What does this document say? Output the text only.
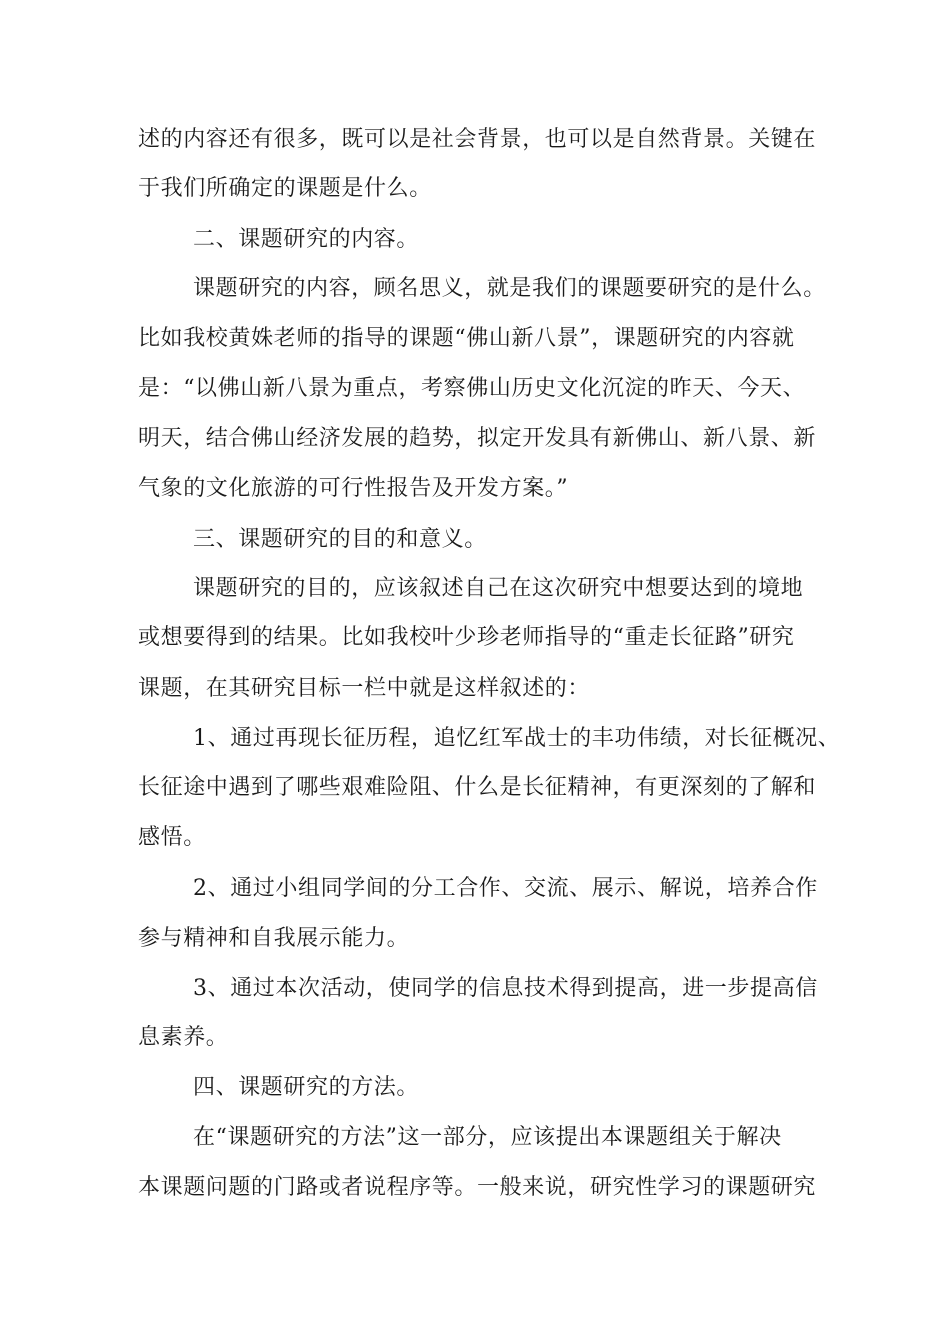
述的内容还有很多，既可以是社会背景，也可以是自然背景。关键在
于我们所确定的课题是什么。
二、课题研究的内容。
课题研究的内容，顾名思义，就是我们的课题要研究的是什么。
比如我校黄姝老师的指导的课题“佛山新八景”，课题研究的内容就
是：“以佛山新八景为重点，考察佛山历史文化沉淀的昨天、今天、
明天，结合佛山经济发展的趋势，拟定开发具有新佛山、新八景、新
气象的文化旅游的可行性报告及开发方案。”
三、课题研究的目的和意义。
课题研究的目的，应该叙述自己在这次研究中想要达到的境地
或想要得到的结果。比如我校叶少珍老师指导的“重走长征路”研究
课题，在其研究目标一栏中就是这样叙述的：
1、通过再现长征历程，追忆红军战士的丰功伟绩，对长征概况、
长征途中遇到了哪些艰难险阻、什么是长征精神，有更深刻的了解和
感悟。
2、通过小组同学间的分工合作、交流、展示、解说，培养合作
参与精神和自我展示能力。
3、通过本次活动，使同学的信息技术得到提高，进一步提高信
息素养。
四、课题研究的方法。
在“课题研究的方法”这一部分，应该提出本课题组关于解决
本课题问题的门路或者说程序等。一般来说，研究性学习的课题研究
